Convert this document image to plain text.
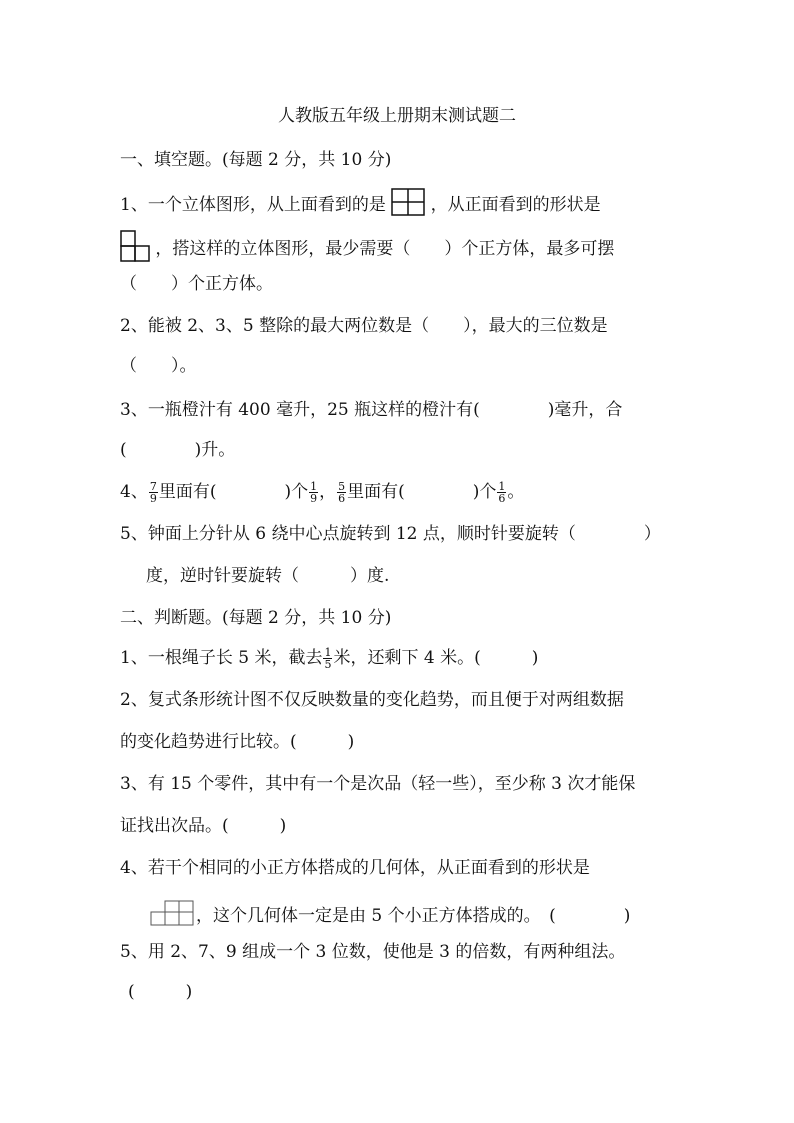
人教版五年级上册期末测试题二
一、填空题。(每题 2 分，共 10 分)
1、一个立体图形，从上面看到的是	，从正面看到的形状是
，搭这样的立体图形，最少需要（　　）个正方体，最多可摆
（　　）个正方体。
2、能被 2、3、5 整除的最大两位数是（　　），最大的三位数是
（　　）。
3、一瓶橙汁有 400 毫升，25 瓶这样的橙汁有(　　　　)毫升，合
(　　　　)升。
4、 $\frac{7}{9}$ 里面有(　　　　)个 $\frac{1}{9}$ ， $\frac{5}{6}$ 里面有(　　　　)个 $\frac{1}{6}$ 。
5、钟面上分针从 6 绕中心点旋转到 12 点，顺时针要旋转（　　　　）
度，逆时针要旋转（　　　）度.
二、判断题。(每题 2 分，共 10 分)
1、一根绳子长 5 米，截去 $\frac{1}{5}$ 米，还剩下 4 米。(　　　)
2、复式条形统计图不仅反映数量的变化趋势，而且便于对两组数据
的变化趋势进行比较。(　　　)
3、有 15 个零件，其中有一个是次品（轻一些），至少称 3 次才能保
证找出次品。(　　　)
4、若干个相同的小正方体搭成的几何体，从正面看到的形状是
，这个几何体一定是由 5 个小正方体搭成的。　(　　　　)
5、用 2、7、9 组成一个 3 位数，使他是 3 的倍数，有两种组法。
(　　　)
